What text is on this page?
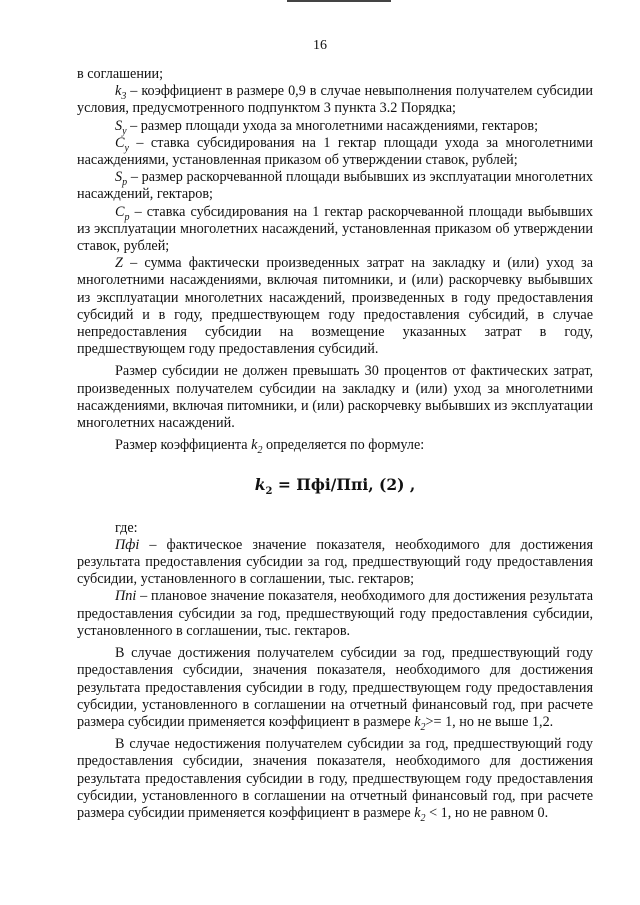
16

в соглашении;

$k_3$ – коэффициент в размере 0,9 в случае невыполнения получателем субсидии условия, предусмотренного подпунктом 3 пункта 3.2 Порядка;

$S_y$ – размер площади ухода за многолетними насаждениями, гектаров;

$C_y$ – ставка субсидирования на 1 гектар площади ухода за многолетними насаждениями, установленная приказом об утверждении ставок, рублей;

$S_p$ – размер раскорчеванной площади выбывших из эксплуатации многолетних насаждений, гектаров;

$C_p$ – ставка субсидирования на 1 гектар раскорчеванной площади выбывших из эксплуатации многолетних насаждений, установленная приказом об утверждении ставок, рублей;

Z – сумма фактически произведенных затрат на закладку и (или) уход за многолетними насаждениями, включая питомники, и (или) раскорчевку выбывших из эксплуатации многолетних насаждений, произведенных в году предоставления субсидий и в году, предшествующем году предоставления субсидий, в случае непредоставления субсидии на возмещение указанных затрат в году, предшествующем году предоставления субсидий.

Размер субсидии не должен превышать 30 процентов от фактических затрат, произведенных получателем субсидии на закладку и (или) уход за многолетними насаждениями, включая питомники, и (или) раскорчевку выбывших из эксплуатации многолетних насаждений.

Размер коэффициента $k_2$ определяется по формуле:

$k_2 = Пфi/Ппi$, (2) ,

где:

Пфi – фактическое значение показателя, необходимого для достижения результата предоставления субсидии за год, предшествующий году предоставления субсидии, установленного в соглашении, тыс. гектаров;

Ппi – плановое значение показателя, необходимого для достижения результата предоставления субсидии за год, предшествующий году предоставления субсидии, установленного в соглашении, тыс. гектаров.

В случае достижения получателем субсидии за год, предшествующий году предоставления субсидии, значения показателя, необходимого для достижения результата предоставления субсидии в году, предшествующем году предоставления субсидии, установленного в соглашении на отчетный финансовый год, при расчете размера субсидии применяется коэффициент в размере $k_2>= 1$, но не выше 1,2.

В случае недостижения получателем субсидии за год, предшествующий году предоставления субсидии, значения показателя, необходимого для достижения результата предоставления субсидии в году, предшествующем году предоставления субсидии, установленного в соглашении на отчетный финансовый год, при расчете размера субсидии применяется коэффициент в размере $k_2 < 1$, но не равном 0.
